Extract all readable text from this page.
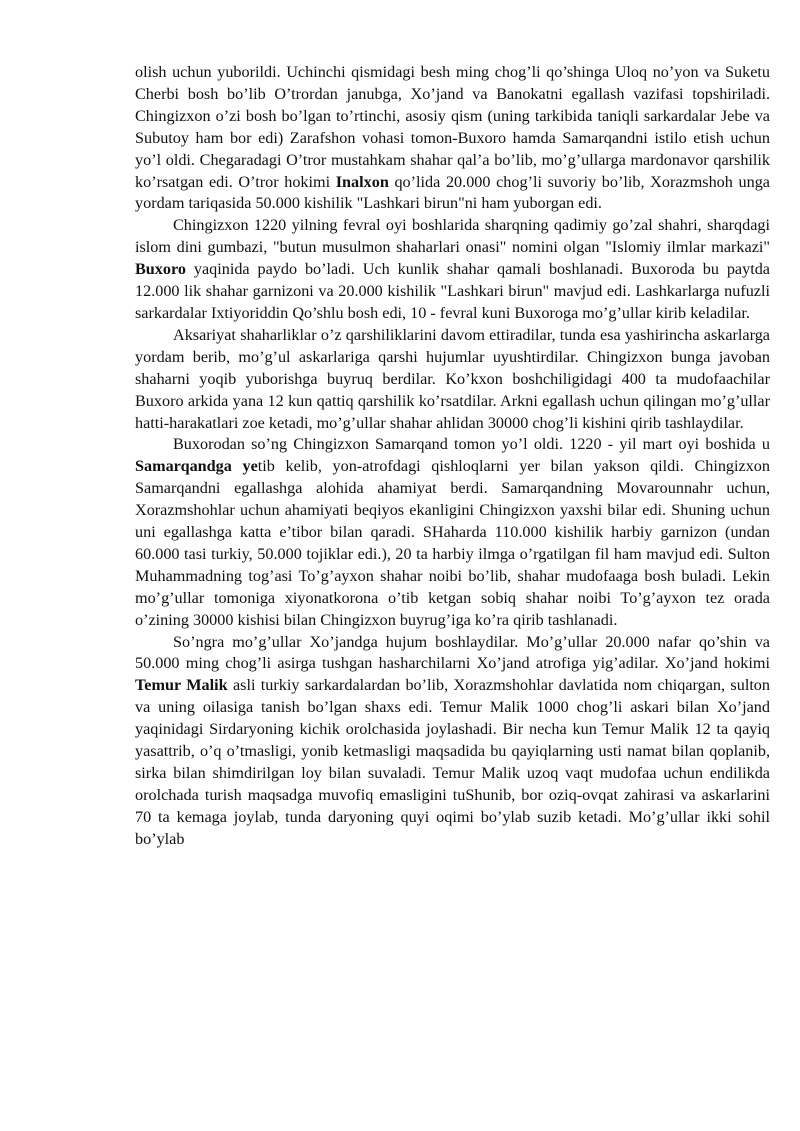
olish uchun yuborildi. Uchinchi qismidagi besh ming chog’li qo’shinga Uloq no’yon va Suketu Cherbi bosh bo’lib O’trordan janubga, Xo’jand va Banokatni egallash vazifasi topshiriladi. Chingizxon o’zi bosh bo’lgan to’rtinchi, asosiy qism (uning tarkibida taniqli sarkardalar Jebe va Subutoy ham bor edi) Zarafshon vohasi tomon-Buxoro hamda Samarqandni istilo etish uchun yo’l oldi. Chegaradagi O’tror mustahkam shahar qal’a bo’lib, mo’g’ullarga mardonavor qarshilik ko’rsatgan edi. O’tror hokimi Inalxon qo’lida 20.000 chog’li suvoriy bo’lib, Xorazmshoh unga yordam tariqasida 50.000 kishilik "Lashkari birun"ni ham yuborgan edi.

Chingizxon 1220 yilning fevral oyi boshlarida sharqning qadimiy go’zal shahri, sharqdagi islom dini gumbazi, "butun musulmon shaharlari onasi" nomini olgan "Islomiy ilmlar markazi" Buxoro yaqinida paydo bo’ladi. Uch kunlik shahar qamali boshlanadi. Buxoroda bu paytda 12.000 lik shahar garnizoni va 20.000 kishilik "Lashkari birun" mavjud edi. Lashkarlarga nufuzli sarkardalar Ixtiyoriddin Qo’shlu bosh edi, 10 - fevral kuni Buxoroga mo’g’ullar kirib keladilar.

Aksariyat shaharliklar o’z qarshiliklarini davom ettiradilar, tunda esa yashirincha askarlarga yordam berib, mo’g’ul askarlariga qarshi hujumlar uyushtirdilar. Chingizxon bunga javoban shaharni yoqib yuborishga buyruq berdilar. Ko’kxon boshchiligidagi 400 ta mudofaachilar Buxoro arkida yana 12 kun qattiq qarshilik ko’rsatdilar. Arkni egallash uchun qilingan mo’g’ullar hatti-harakatlari zoe ketadi, mo’g’ullar shahar ahlidan 30000 chog’li kishini qirib tashlaydilar.

Buxorodan so’ng Chingizxon Samarqand tomon yo’l oldi. 1220 - yil mart oyi boshida u Samarqandga yetib kelib, yon-atrofdagi qishloqlarni yer bilan yakson qildi. Chingizxon Samarqandni egallashga alohida ahamiyat berdi. Samarqandning Movarounnahr uchun, Xorazmshohlar uchun ahamiyati beqiyos ekanligini Chingizxon yaxshi bilar edi. Shuning uchun uni egallashga katta e’tibor bilan qaradi. SHaharda 110.000 kishilik harbiy garnizon (undan 60.000 tasi turkiy, 50.000 tojiklar edi.), 20 ta harbiy ilmga o’rgatilgan fil ham mavjud edi. Sulton Muhammadning tog’asi To’g’ayxon shahar noibi bo’lib, shahar mudofaaga bosh buladi. Lekin mo’g’ullar tomoniga xiyonatkorona o’tib ketgan sobiq shahar noibi To’g’ayxon tez orada o’zining 30000 kishisi bilan Chingizxon buyrug’iga ko’ra qirib tashlanadi.

So’ngra mo’g’ullar Xo’jandga hujum boshlaydilar. Mo’g’ullar 20.000 nafar qo’shin va 50.000 ming chog’li asirga tushgan hasharchilarni Xo’jand atrofiga yig’adilar. Xo’jand hokimi Temur Malik asli turkiy sarkardalardan bo’lib, Xorazmshohlar davlatida nom chiqargan, sulton va uning oilasiga tanish bo’lgan shaxs edi. Temur Malik 1000 chog’li askari bilan Xo’jand yaqinidagi Sirdaryoning kichik orolchasida joylashadi. Bir necha kun Temur Malik 12 ta qayiq yasattrib, o’q o’tmasligi, yonib ketmasligi maqsadida bu qayiqlarning usti namat bilan qoplanib, sirka bilan shimdirilgan loy bilan suvaladi. Temur Malik uzoq vaqt mudofaa uchun endilikda orolchada turish maqsadga muvofiq emasligini tuShunib, bor oziq-ovqat zahirasi va askarlarini 70 ta kemaga joylab, tunda daryoning quyi oqimi bo’ylab suzib ketadi. Mo’g’ullar ikki sohil bo’ylab
